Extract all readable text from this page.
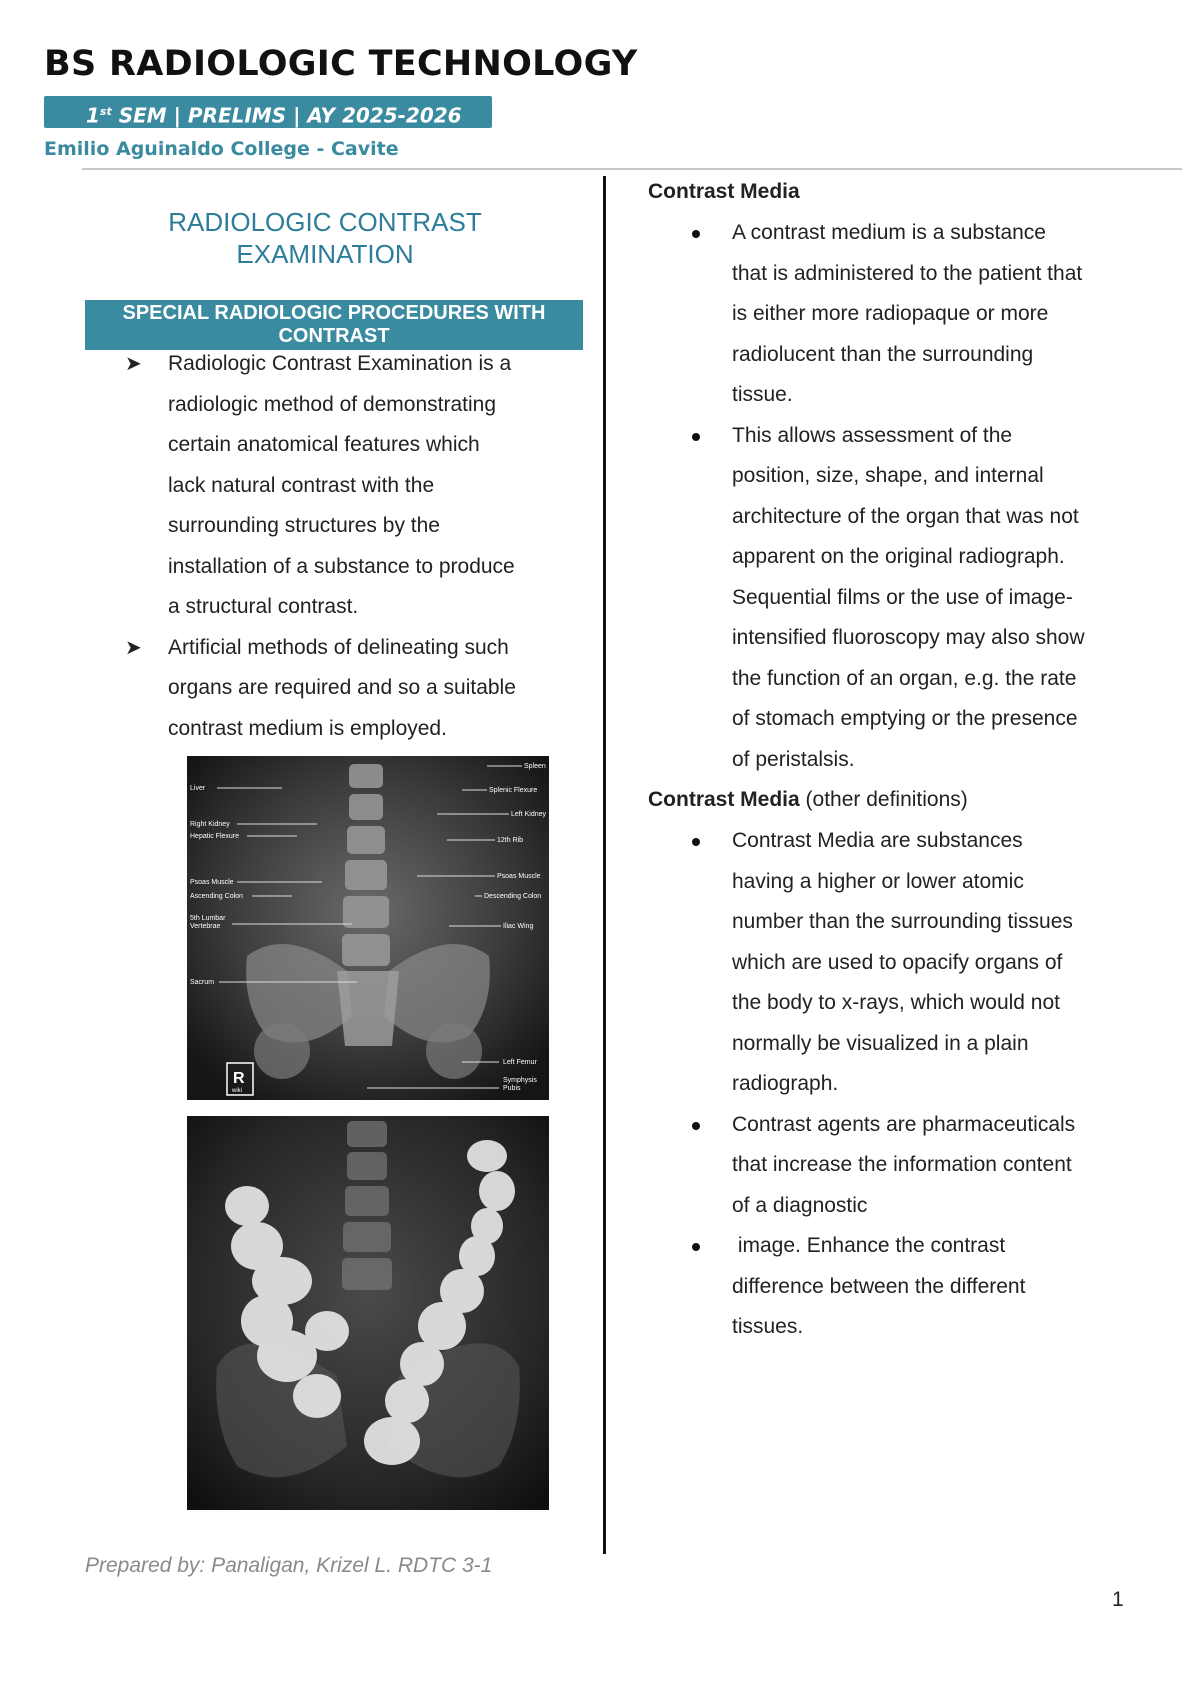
BS RADIOLOGIC TECHNOLOGY
1st SEM | PRELIMS | AY 2025-2026
Emilio Aguinaldo College - Cavite
RADIOLOGIC CONTRAST
EXAMINATION
SPECIAL RADIOLOGIC PROCEDURES WITH
CONTRAST
➤ Radiologic Contrast Examination is a
radiologic method of demonstrating
certain anatomical features which
lack natural contrast with the
surrounding structures by the
installation of a substance to produce
a structural contrast.
➤ Artificial methods of delineating such
organs are required and so a suitable
contrast medium is employed.
Liver
Right Kidney
Hepatic Flexure
Psoas Muscle
Ascending Colon
5th Lumbar
Vertebrae
Sacrum
Spleen
Splenic Flexure
Left Kidney
12th Rib
Psoas Muscle
Descending Colon
Iliac Wing
Left Femur
Symphysis
Pubis
R
wiki
Prepared by: Panaligan, Krizel L. RDTC 3-1
1
Contrast Media
A contrast medium is a substance
that is administered to the patient that
is either more radiopaque or more
radiolucent than the surrounding
tissue.
This allows assessment of the
position, size, shape, and internal
architecture of the organ that was not
apparent on the original radiograph.
Sequential films or the use of image-
intensified fluoroscopy may also show
the function of an organ, e.g. the rate
of stomach emptying or the presence
of peristalsis.
Contrast Media (other definitions)
Contrast Media are substances
having a higher or lower atomic
number than the surrounding tissues
which are used to opacify organs of
the body to x-rays, which would not
normally be visualized in a plain
radiograph.
Contrast agents are pharmaceuticals
that increase the information content
of a diagnostic
image. Enhance the contrast
difference between the different
tissues.
